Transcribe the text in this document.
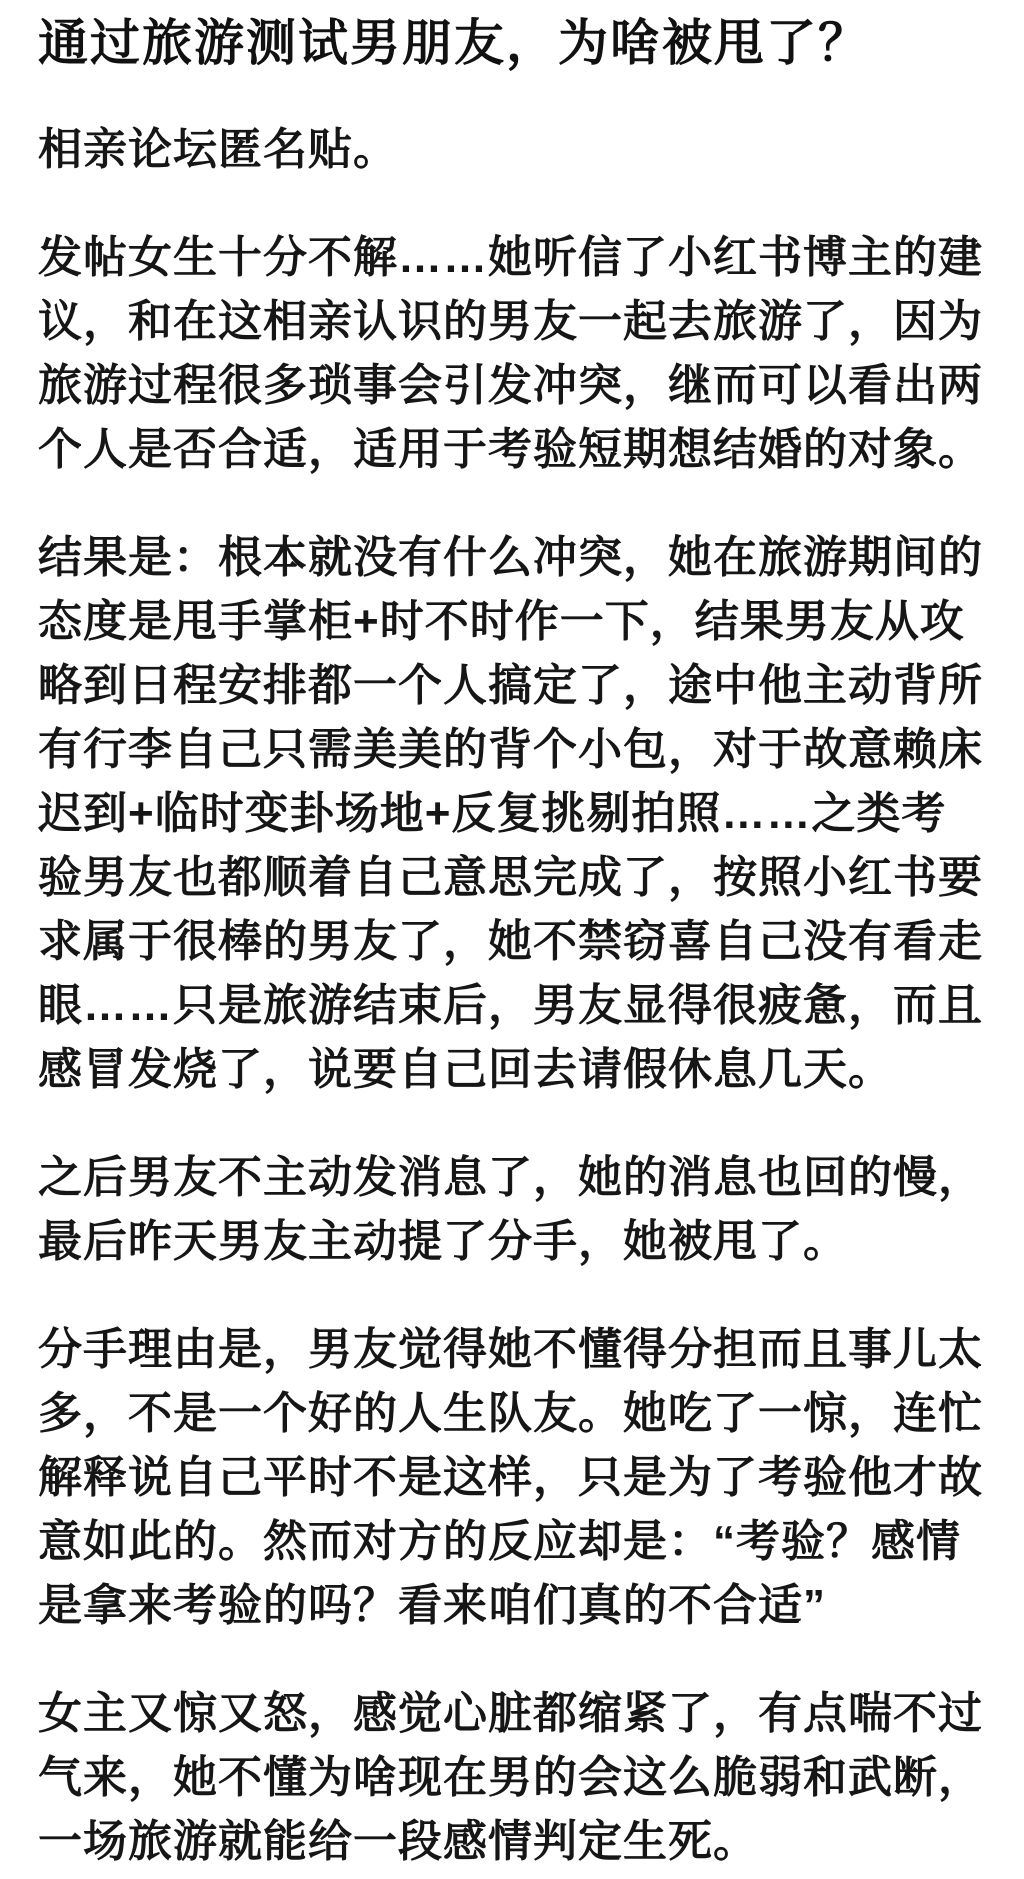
通过旅游测试男朋友，为啥被甩了？

相亲论坛匿名贴。

发帖女生十分不解……她听信了小红书博主的建议，和在这相亲认识的男友一起去旅游了，因为旅游过程很多琐事会引发冲突，继而可以看出两个人是否合适，适用于考验短期想结婚的对象。

结果是：根本就没有什么冲突，她在旅游期间的态度是甩手掌柜+时不时作一下，结果男友从攻略到日程安排都一个人搞定了，途中他主动背所有行李自己只需美美的背个小包，对于故意赖床迟到+临时变卦场地+反复挑剔拍照……之类考验男友也都顺着自己意思完成了，按照小红书要求属于很棒的男友了，她不禁窃喜自己没有看走眼……只是旅游结束后，男友显得很疲惫，而且感冒发烧了，说要自己回去请假休息几天。

之后男友不主动发消息了，她的消息也回的慢，最后昨天男友主动提了分手，她被甩了。

分手理由是，男友觉得她不懂得分担而且事儿太多，不是一个好的人生队友。她吃了一惊，连忙解释说自己平时不是这样，只是为了考验他才故意如此的。然而对方的反应却是：“考验？感情是拿来考验的吗？看来咱们真的不合适”

女主又惊又怒，感觉心脏都缩紧了，有点喘不过气来，她不懂为啥现在男的会这么脆弱和武断，一场旅游就能给一段感情判定生死。
